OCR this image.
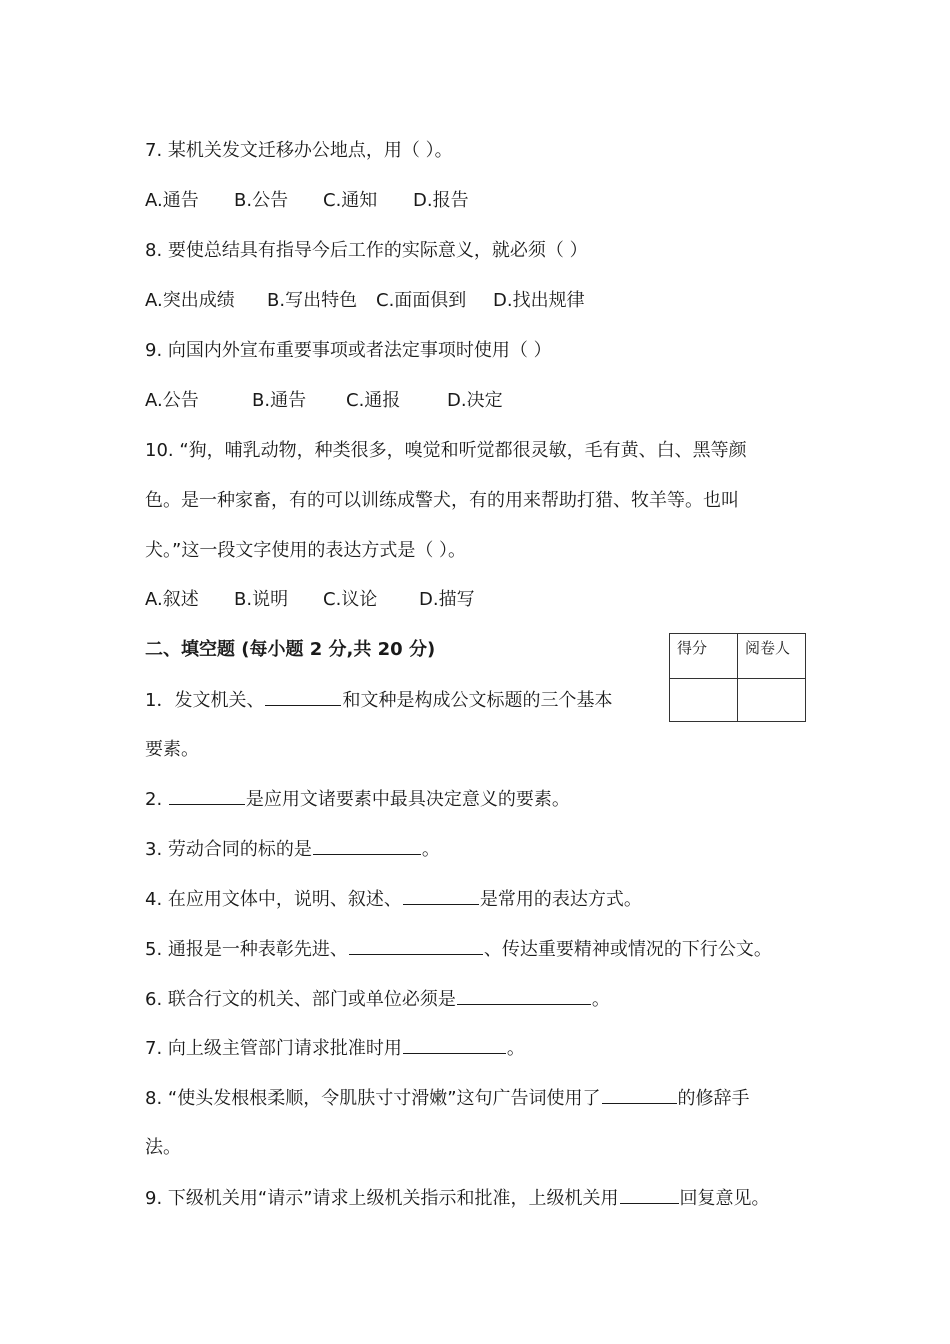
7. 某机关发文迁移办公地点，用（ ）。
A.通告 B.公告 C.通知 D.报告
8. 要使总结具有指导今后工作的实际意义，就必须（ ）
A.突出成绩 B.写出特色 C.面面俱到 D.找出规律
9. 向国内外宣布重要事项或者法定事项时使用（ ）
A.公告	B.通告 C.通报	D.决定
10. “狗，哺乳动物，种类很多，嗅觉和听觉都很灵敏，毛有黄、白、黑等颜
色。是一种家畜，有的可以训练成警犬，有的用来帮助打猎、牧羊等。也叫
犬。”这一段文字使用的表达方式是（ ）。
A.叙述 B.说明 C.议论 D.描写
二、填空题 (每小题 2 分,共 20 分)	得分	阅卷人

1．发文机关、	和文种是构成公文标题的三个基本
要素。
2.	是应用文诸要素中最具决定意义的要素。
3. 劳动合同的标的是	。
4. 在应用文体中，说明、叙述、	是常用的表达方式。
5. 通报是一种表彰先进、	、传达重要精神或情况的下行公文。
6. 联合行文的机关、部门或单位必须是	。
7. 向上级主管部门请求批准时用	。
8. “使头发根根柔顺，令肌肤寸寸滑嫩”这句广告词使用了	的修辞手
法。
9. 下级机关用“请示”请求上级机关指示和批准，上级机关用	回复意见。
